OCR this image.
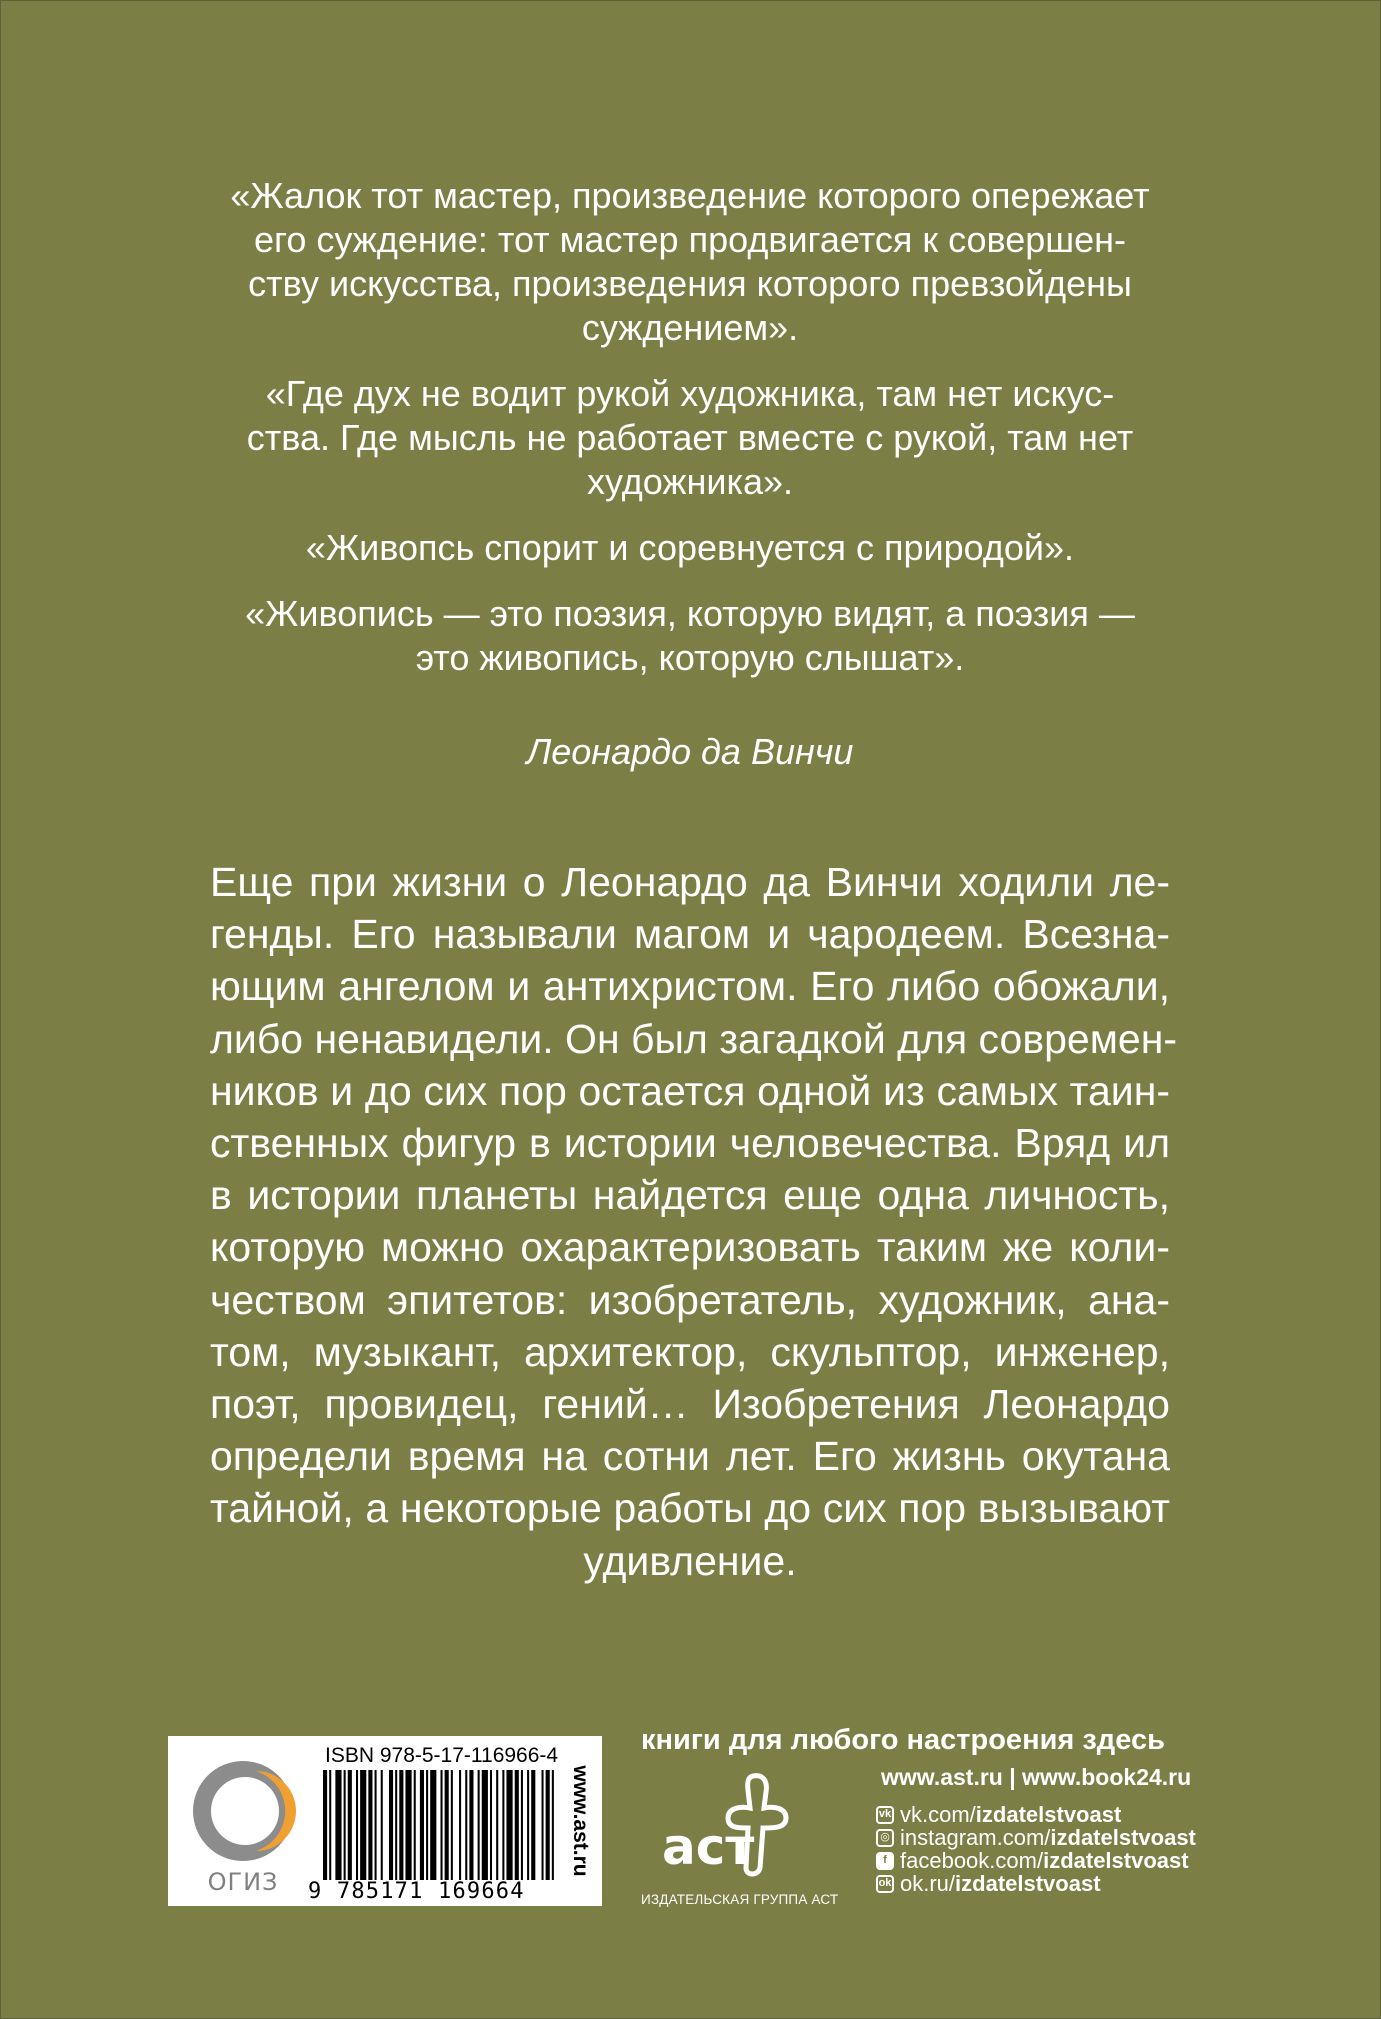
«Жалок тот мастер, произведение которого опережает
его суждение: тот мастер продвигается к совершен-
ству искусства, произведения которого превзойдены
суждением».
«Где дух не водит рукой художника, там нет искус-
ства. Где мысль не работает вместе с рукой, там нет
художника».
«Живопсь спорит и соревнуется с природой».
«Живопись — это поэзия, которую видят, а поэзия —
это живопись, которую слышат».
Леонардо да Винчи
Еще при жизни о Леонардо да Винчи ходили ле-
генды. Его называли магом и чародеем. Всезна-
ющим ангелом и антихристом. Его либо обожали,
либо ненавидели. Он был загадкой для современ-
ников и до сих пор остается одной из самых таин-
ственных фигур в истории человечества. Вряд ил
в истории планеты найдется еще одна личность,
которую можно охарактеризовать таким же коли-
чеством эпитетов: изобретатель, художник, ана-
том, музыкант, архитектор, скульптор, инженер,
поэт, провидец, гений… Изобретения Леонардо
определи время на сотни лет. Его жизнь окутана
тайной, а некоторые работы до сих пор вызывают
удивление.
ОГИЗ
ISBN 978-5-17-116966-4
9 785171 169664
www.ast.ru
книги для любого настроения здесь
аст
ИЗДАТЕЛЬСКАЯ ГРУППА АСТ
www.ast.ru | www.book24.ru
vk vk.com/ izdatelstvoast
◎ instagram.com/ izdatelstvoast
f facebook.com/ izdatelstvoast
ok ok.ru/ izdatelstvoast
